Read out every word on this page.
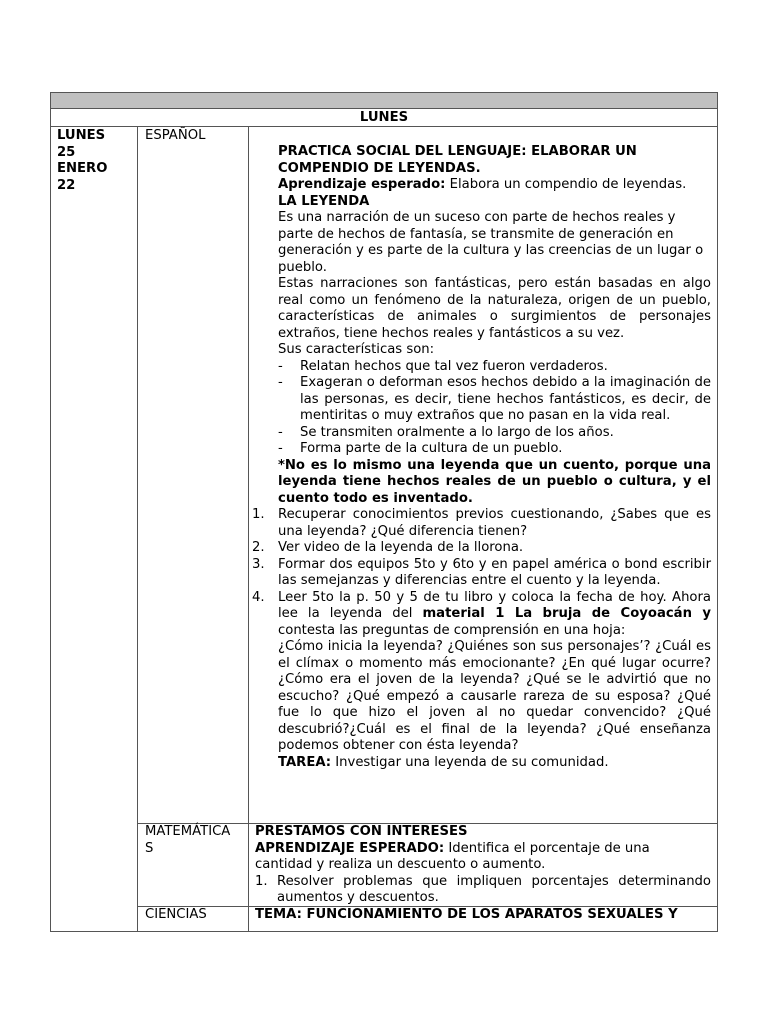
LUNES
LUNES
25
ENERO
22
ESPAÑOL
MATEMÁTICA
S
CIENCIAS

PRACTICA SOCIAL DEL LENGUAJE: ELABORAR UN COMPENDIO DE LEYENDAS.

Aprendizaje esperado: Elabora un compendio de leyendas.

LA LEYENDA

Es una narración de un suceso con parte de hechos reales y parte de hechos de fantasía, se transmite de generación en generación y es parte de la cultura y las creencias de un lugar o pueblo.

Estas narraciones son fantásticas, pero están basadas en algo real como un fenómeno de la naturaleza, origen de un pueblo, características de animales o surgimientos de personajes extraños, tiene hechos reales y fantásticos a su vez.

Sus características son:

- Relatan hechos que tal vez fueron verdaderos.
- Exageran o deforman esos hechos debido a la imaginación de las personas, es decir, tiene hechos fantásticos, es decir, de mentiritas o muy extraños que no pasan en la vida real.
- Se transmiten oralmente a lo largo de los años.
- Forma parte de la cultura de un pueblo.

*No es lo mismo una leyenda que un cuento, porque una leyenda tiene hechos reales de un pueblo o cultura, y el cuento todo es inventado.

1. Recuperar conocimientos previos cuestionando, ¿Sabes que es una leyenda? ¿Qué diferencia tienen?
2. Ver video de la leyenda de la llorona.
3. Formar dos equipos 5to y 6to y en papel américa o bond escribir las semejanzas y diferencias entre el cuento y la leyenda.
4. Leer 5to la p. 50 y 5 de tu libro y coloca la fecha de hoy. Ahora lee la leyenda del material 1 La bruja de Coyoacán y contesta las preguntas de comprensión en una hoja:

¿Cómo inicia la leyenda? ¿Quiénes son sus personajes’? ¿Cuál es el clímax o momento más emocionante? ¿En qué lugar ocurre? ¿Cómo era el joven de la leyenda? ¿Qué se le advirtió que no escucho? ¿Qué empezó a causarle rareza de su esposa? ¿Qué fue lo que hizo el joven al no quedar convencido? ¿Qué descubrió?¿Cuál es el final de la leyenda? ¿Qué enseñanza podemos obtener con ésta leyenda?

TAREA: Investigar una leyenda de su comunidad.

PRESTAMOS CON INTERESES

APRENDIZAJE ESPERADO: Identifica el porcentaje de una cantidad y realiza un descuento o aumento.

1. Resolver problemas que impliquen porcentajes determinando aumentos y descuentos.
TEMA: FUNCIONAMIENTO DE LOS APARATOS SEXUALES Y
